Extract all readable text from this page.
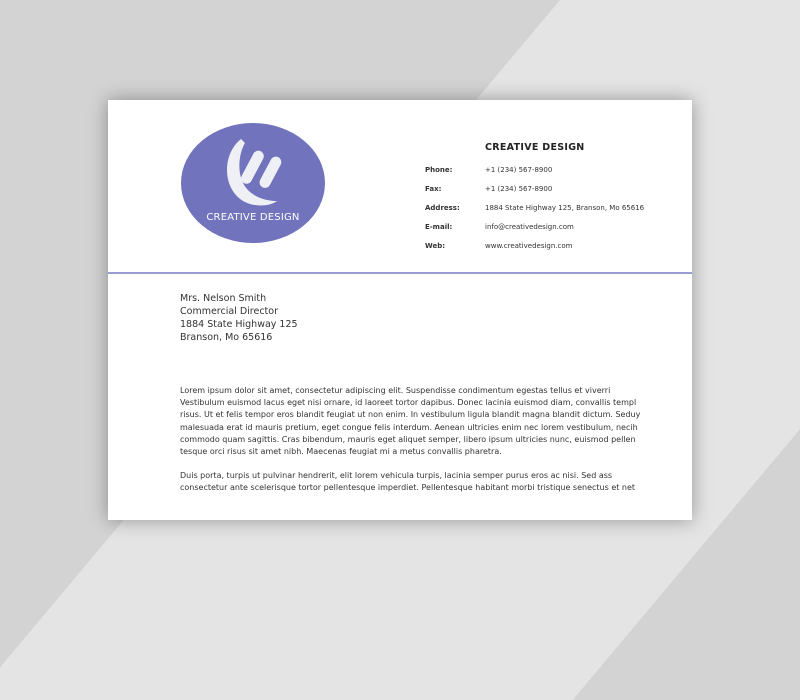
CREATIVE DESIGN
CREATIVE DESIGN
Phone:	+1 (234) 567-8900
Fax:	+1 (234) 567-8900
Address:	1884 State Highway 125, Branson, Mo 65616
E-mail:	info@creativedesign.com
Web:	www.creativedesign.com
Mrs. Nelson Smith
Commercial Director
1884 State Highway 125
Branson, Mo 65616

Lorem ipsum dolor sit amet, consectetur adipiscing elit. Suspendisse condimentum egestas tellus et viverri Vestibulum euismod lacus eget nisi ornare, id laoreet tortor dapibus. Donec lacinia euismod diam, convallis templ risus. Ut et felis tempor eros blandit feugiat ut non enim. In vestibulum ligula blandit magna blandit dictum. Seduy malesuada erat id mauris pretium, eget congue felis interdum. Aenean ultricies enim nec lorem vestibulum, necih commodo quam sagittis. Cras bibendum, mauris eget aliquet semper, libero ipsum ultricies nunc, euismod pellen tesque orci risus sit amet nibh. Maecenas feugiat mi a metus convallis pharetra.

Duis porta, turpis ut pulvinar hendrerit, elit lorem vehicula turpis, lacinia semper purus eros ac nisi. Sed ass consectetur ante scelerisque tortor pellentesque imperdiet. Pellentesque habitant morbi tristique senectus et net
